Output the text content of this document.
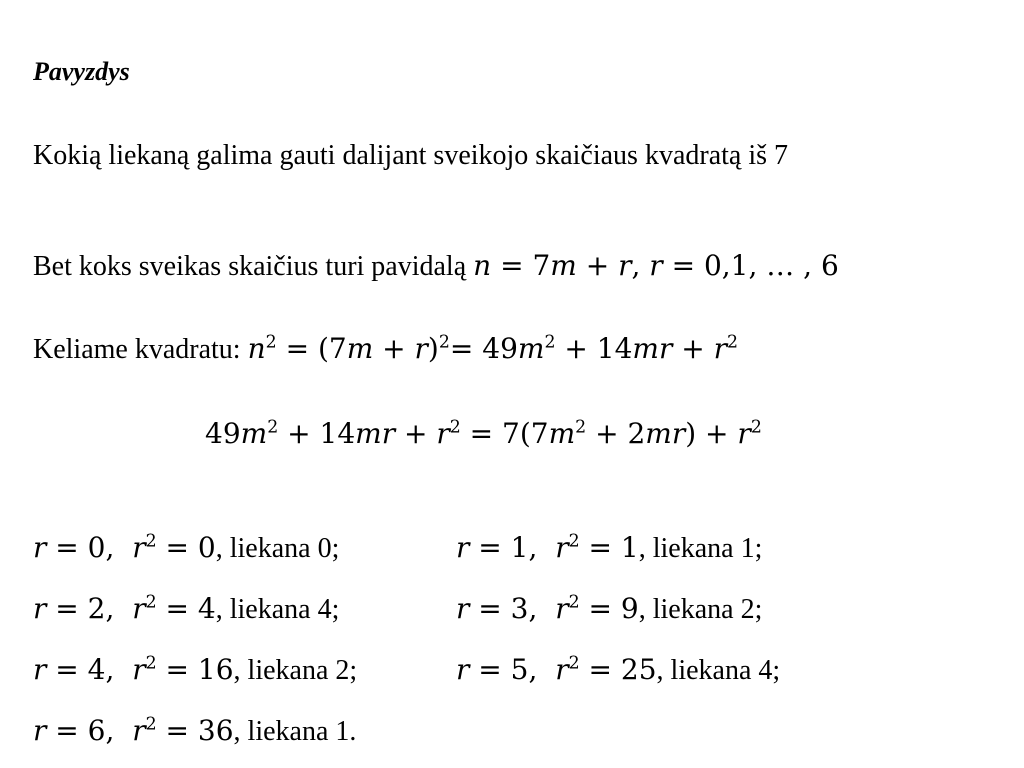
Pavyzdys
Kokią liekaną galima gauti dalijant sveikojo skaičiaus kvadratą iš 7
Bet koks sveikas skaičius turi pavidalą n = 7m + r, r = 0,1, … , 6
Keliame kvadratu: $n^2 = (7m + r)^2= 49m^2 + 14mr + r^2$
$49m^2 + 14mr + r^2 = 7(7m^2 + 2mr) + r^2$
r = 0, $r^2 = 0$, liekana 0;	r = 1, $r^2 = 1$, liekana 1;
r = 2, $r^2 = 4$, liekana 4;	r = 3, $r^2 = 9$, liekana 2;
r = 4, $r^2 = 16$, liekana 2;	r = 5, $r^2 = 25$, liekana 4;
r = 6, $r^2 = 36$, liekana 1.
